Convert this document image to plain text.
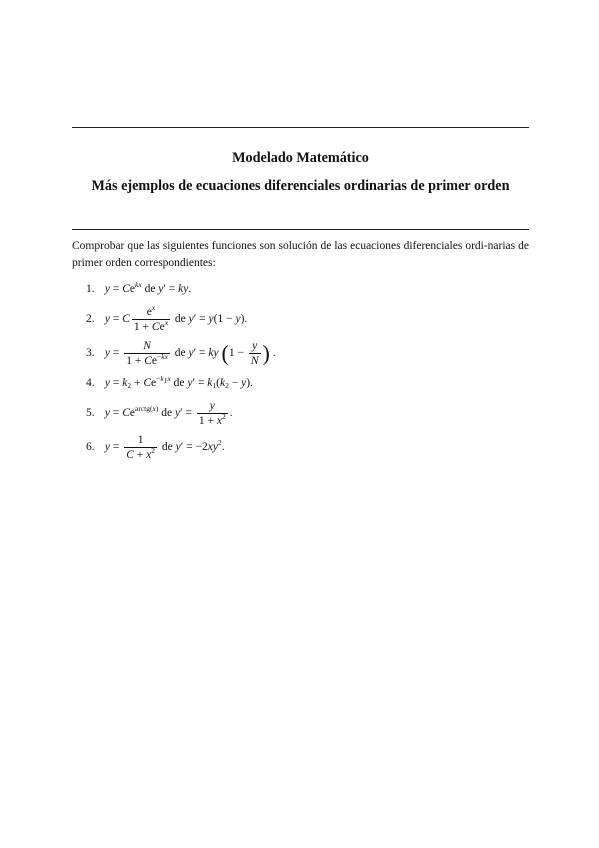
Modelado Matemático
Más ejemplos de ecuaciones diferenciales ordinarias de primer orden
Comprobar que las siguientes funciones son solución de las ecuaciones diferenciales ordi-narias de primer orden correspondientes:
1. $y = Ce^{kx}$ de y′ = ky.
2. y = C $\frac{e^x}{1 + Ce^x}$ de y′ = y(1 − y).
3. $y = \frac{N}{1 + Ce^{-kx}}$ de y′ = ky ($1 - \frac{y}{N}$ ) .
4. $y = k_2 + Ce^{-k_1x}$ de $y' = k_1(k_2 - y)$.
5. $y = Ce^{arctg(x)}$ de $y' = \frac{y}{1 + x^2}$ .
6. $y = \frac{1}{C + x^2}$ de $y' = -2xy^2$.
